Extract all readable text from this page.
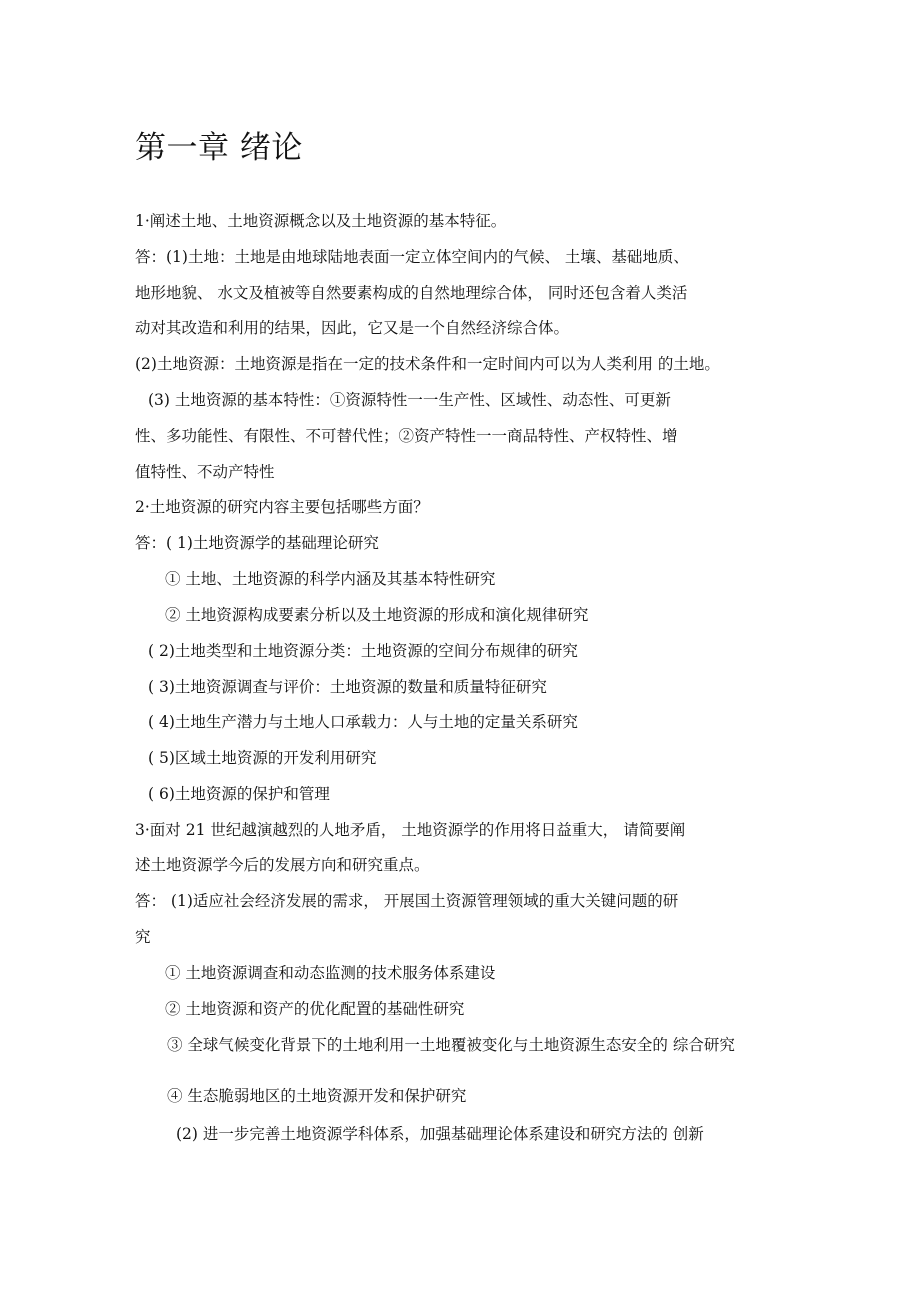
第一章 绪论
1·阐述土地、土地资源概念以及土地资源的基本特征。
答：(1)土地：土地是由地球陆地表面一定立体空间内的气候、 土壤、基础地质、
地形地貌、 水文及植被等自然要素构成的自然地理综合体， 同时还包含着人类活
动对其改造和利用的结果，因此，它又是一个自然经济综合体。
(2)土地资源：土地资源是指在一定的技术条件和一定时间内可以为人类利用 的土地。
(3) 土地资源的基本特性：①资源特性一一生产性、区域性、动态性、可更新
性、多功能性、有限性、不可替代性；②资产特性一一商品特性、产权特性、增
值特性、不动产特性
2·土地资源的研究内容主要包括哪些方面？
答：( 1)土地资源学的基础理论研究
① 土地、土地资源的科学内涵及其基本特性研究
② 土地资源构成要素分析以及土地资源的形成和演化规律研究
( 2)土地类型和土地资源分类：土地资源的空间分布规律的研究
( 3)土地资源调查与评价：土地资源的数量和质量特征研究
( 4)土地生产潜力与土地人口承载力：人与土地的定量关系研究
( 5)区域土地资源的开发利用研究
( 6)土地资源的保护和管理
3·面对 21 世纪越演越烈的人地矛盾， 土地资源学的作用将日益重大， 请简要阐
述土地资源学今后的发展方向和研究重点。
答： (1)适应社会经济发展的需求， 开展国土资源管理领域的重大关键问题的研
究
① 土地资源调查和动态监测的技术服务体系建设
② 土地资源和资产的优化配置的基础性研究
③ 全球气候变化背景下的土地利用一土地覆被变化与土地资源生态安全的 综合研究
④ 生态脆弱地区的土地资源开发和保护研究
(2) 进一步完善土地资源学科体系，加强基础理论体系建设和研究方法的 创新
